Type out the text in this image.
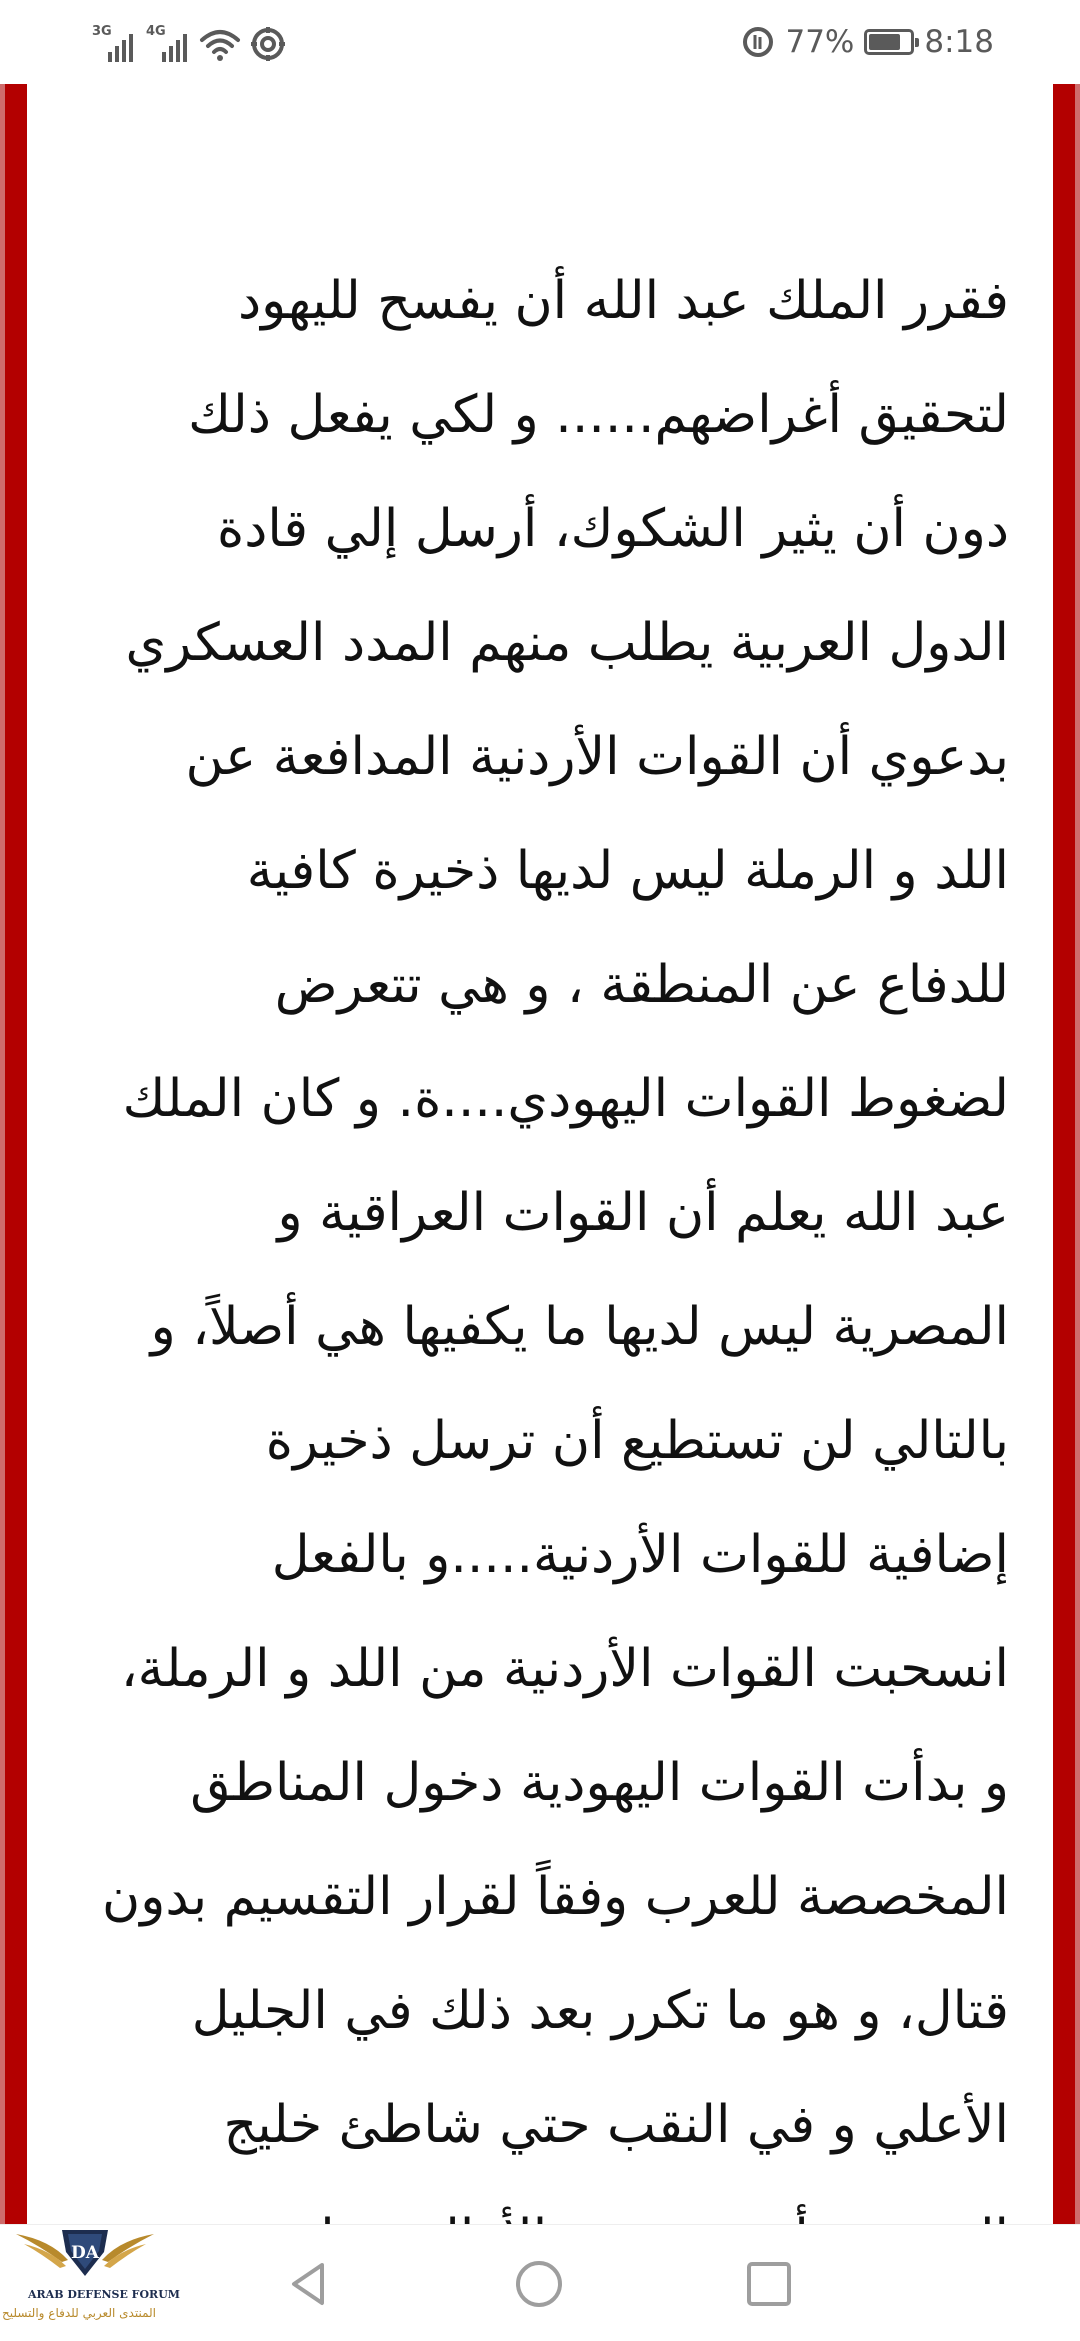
3G	4G	77% 8:18
فقرر الملك عبد الله أن يفسح لليهود
لتحقيق أغراضهم...... و لكي يفعل ذلك
دون أن يثير الشكوك، أرسل إلي قادة
الدول العربية يطلب منهم المدد العسكري
بدعوي أن القوات الأردنية المدافعة عن
اللد و الرملة ليس لديها ذخيرة كافية
للدفاع عن المنطقة ، و هي تتعرض
لضغوط القوات اليهودي....ة. و كان الملك
عبد الله يعلم أن القوات العراقية و
المصرية ليس لديها ما يكفيها هي أصلاً، و
بالتالي لن تستطيع أن ترسل ذخيرة
إضافية للقوات الأردنية.....و بالفعل
انسحبت القوات الأردنية من اللد و الرملة،
و بدأت القوات اليهودية دخول المناطق
المخصصة للعرب وفقاً لقرار التقسيم بدون
قتال، و هو ما تكرر بعد ذلك في الجليل
الأعلي و في النقب حتي شاطئ خليج
DA
ARAB DEFENSE FORUM
المنتدى العربي للدفاع والتسليح
